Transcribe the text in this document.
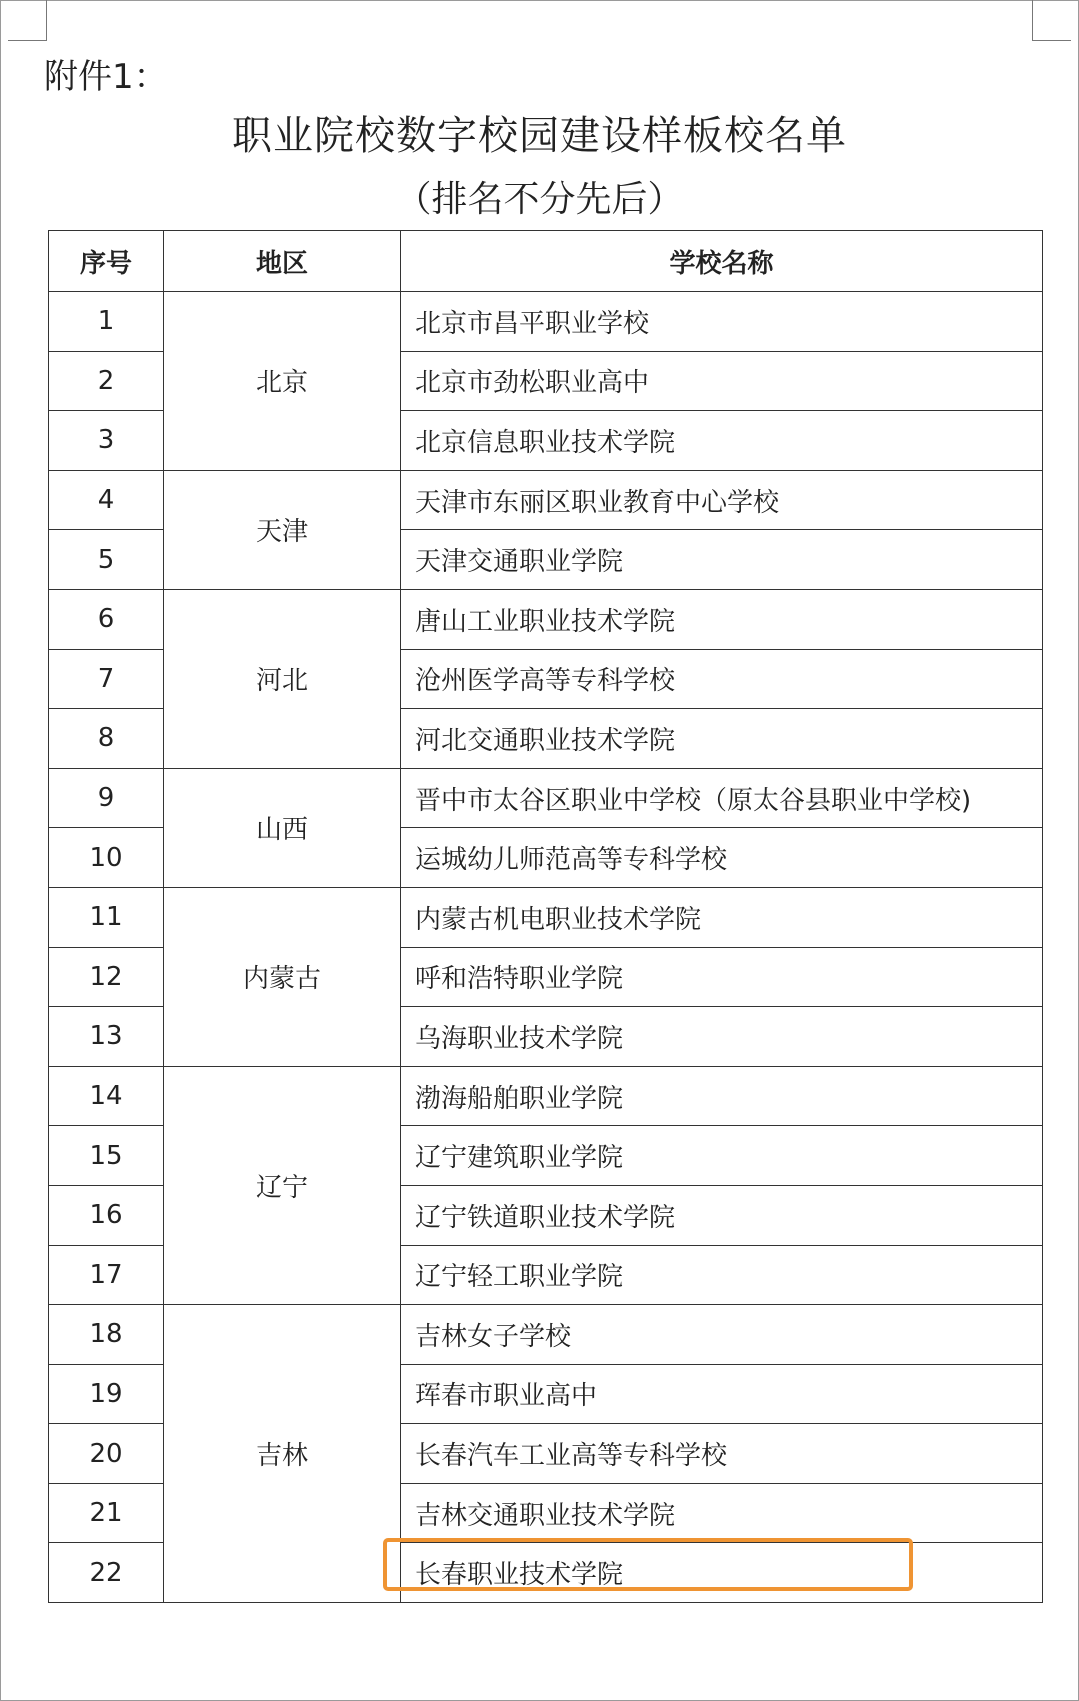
附件1：
职业院校数字校园建设样板校名单
（排名不分先后）
序号	地区	学校名称
1	北京	北京市昌平职业学校
2		北京市劲松职业高中
3		北京信息职业技术学院
4	天津	天津市东丽区职业教育中心学校
5		天津交通职业学院
6	河北	唐山工业职业技术学院
7		沧州医学高等专科学校
8		河北交通职业技术学院
9	山西	晋中市太谷区职业中学校（原太谷县职业中学校)
10		运城幼儿师范高等专科学校
11	内蒙古	内蒙古机电职业技术学院
12		呼和浩特职业学院
13		乌海职业技术学院
14	辽宁	渤海船舶职业学院
15		辽宁建筑职业学院
16		辽宁铁道职业技术学院
17		辽宁轻工职业学院
18	吉林	吉林女子学校
19		珲春市职业高中
20		长春汽车工业高等专科学校
21		吉林交通职业技术学院
22		长春职业技术学院
